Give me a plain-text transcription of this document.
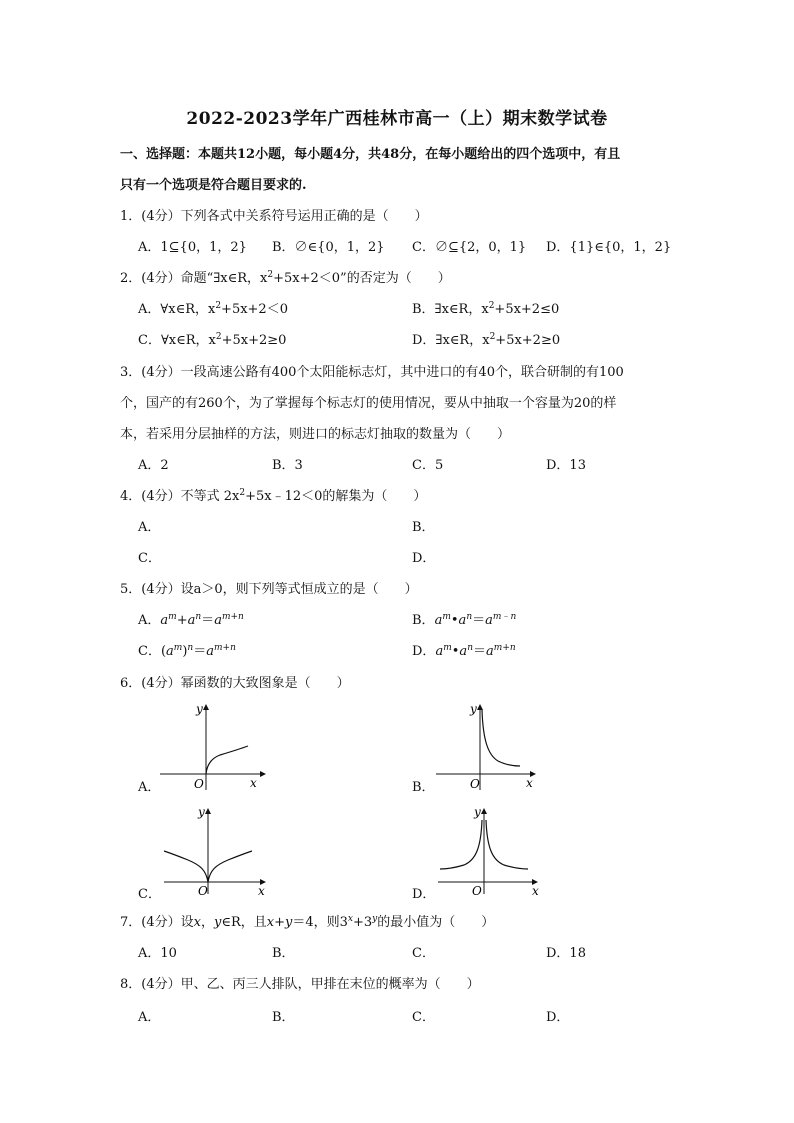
2022-2023学年广西桂林市高一（上）期末数学试卷
一、选择题：本题共12小题，每小题4分，共48分，在每小题给出的四个选项中，有且
只有一个选项是符合题目要求的.
1．(4分）下列各式中关系符号运用正确的是（　　）
A．1⊆{0，1，2} B．∅∈{0，1，2} C．∅⊆{2，0，1} D．{1}∈{0，1，2}
2．(4分）命题“∃x∈R，$x^2+5x+2<0$”的否定为（　　）
A．∀x∈R，$x^2+5x+2<0$	B．∃x∈R，$x^2+5x+2\le 0$
C．∀x∈R，$x^2+5x+2\ge 0$	D．∃x∈R，$x^2+5x+2\ge 0$
3．(4分）一段高速公路有400个太阳能标志灯，其中进口的有40个，联合研制的有100
个，国产的有260个，为了掌握每个标志灯的使用情况，要从中抽取一个容量为20的样
本，若采用分层抽样的方法，则进口的标志灯抽取的数量为（　　）
A．2	B．3	C．5	D．13
4．(4分）不等式 $2x^2+5x﹣12<0$的解集为（　　）
A．	B．
C．	D．
5．(4分）设a＞0，则下列等式恒成立的是（　　）
A．$a^m+a^n=a^{m+n}$	B．$a^m•a^n=a^{m﹣n}$
C．$(a^m)^n=a^{m+n}$	D．$a^m•a^n=a^{m+n}$
6．(4分）幂函数的大致图象是（　　）
A．
y
x
O	B．
y
x
O
C．
y
x
O	D．
y
x
O
7．(4分）设x，y∈R，且x+y＝4，则$3^x+3^y$的最小值为（　　）
A．10	B．	C．	D．18
8．(4分）甲、乙、丙三人排队，甲排在末位的概率为（　　）
A．	B．	C．	D．
